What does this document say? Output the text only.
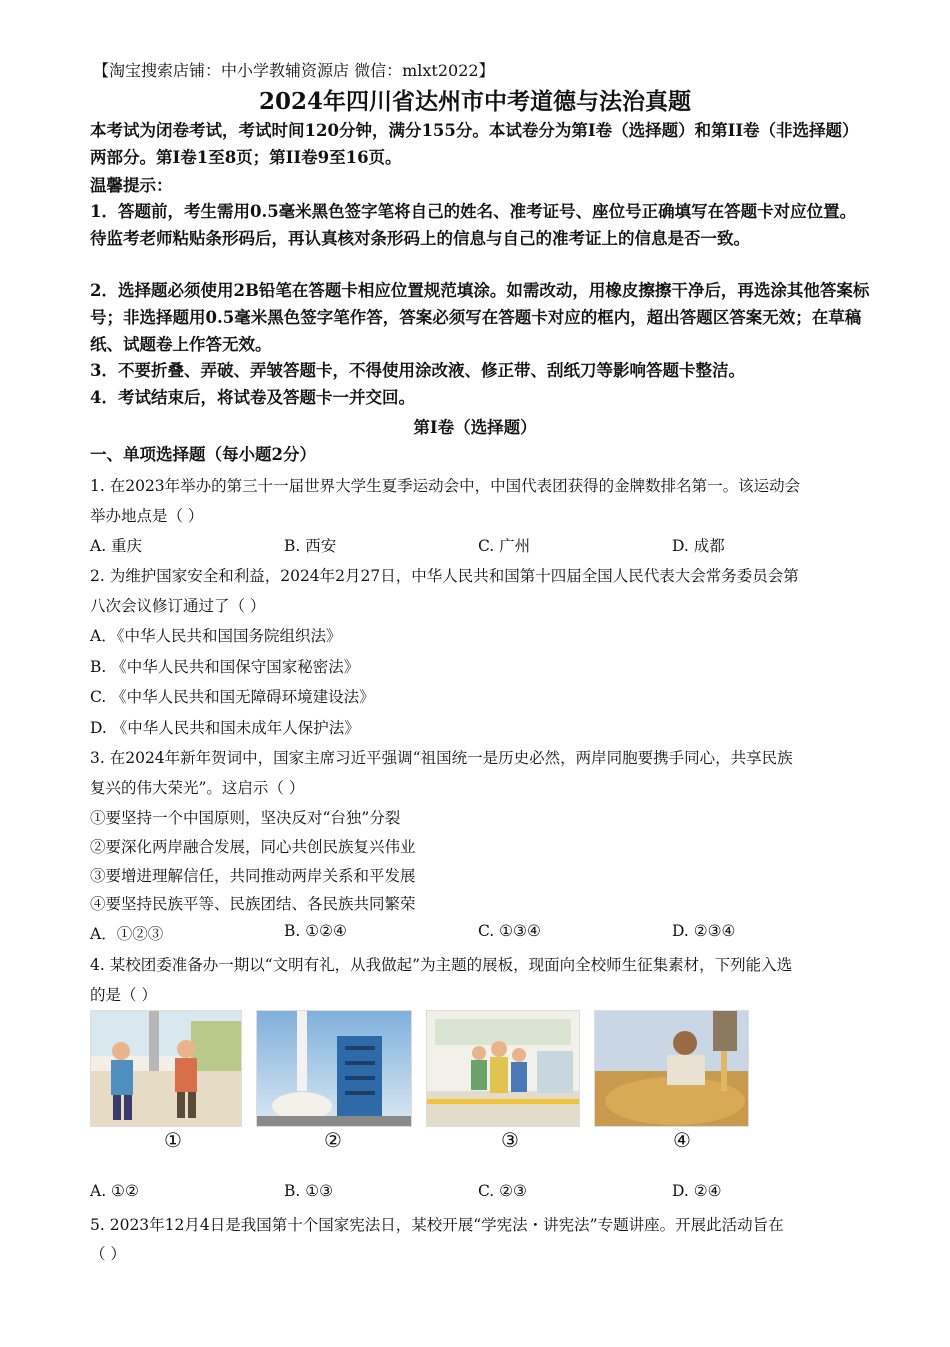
【淘宝搜索店铺：中小学教辅资源店 微信：mlxt2022】
2024年四川省达州市中考道德与法治真题
本考试为闭卷考试，考试时间120分钟，满分155分。本试卷分为第I卷（选择题）和第II卷（非选择题）两部分。第I卷1至8页；第II卷9至16页。
温馨提示：
1．答题前，考生需用0.5毫米黑色签字笔将自己的姓名、准考证号、座位号正确填写在答题卡对应位置。待监考老师粘贴条形码后，再认真核对条形码上的信息与自己的准考证上的信息是否一致。
2．选择题必须使用2B铅笔在答题卡相应位置规范填涂。如需改动，用橡皮擦擦干净后，再选涂其他答案标号；非选择题用0.5毫米黑色签字笔作答，答案必须写在答题卡对应的框内，超出答题区答案无效；在草稿纸、试题卷上作答无效。
3．不要折叠、弄破、弄皱答题卡，不得使用涂改液、修正带、刮纸刀等影响答题卡整洁。
4．考试结束后，将试卷及答题卡一并交回。
第Ⅰ卷（选择题）
一、单项选择题（每小题2分）
1. 在2023年举办的第三十一届世界大学生夏季运动会中，中国代表团获得的金牌数排名第一。该运动会
举办地点是（ ）
A. 重庆	B. 西安	C. 广州	D. 成都
2. 为维护国家安全和利益，2024年2月27日，中华人民共和国第十四届全国人民代表大会常务委员会第
八次会议修订通过了（ ）
A．《中华人民共和国国务院组织法》
B. 《中华人民共和国保守国家秘密法》
C. 《中华人民共和国无障碍环境建设法》
D. 《中华人民共和国未成年人保护法》
3. 在2024年新年贺词中，国家主席习近平强调“祖国统一是历史必然，两岸同胞要携手同心，共享民族
复兴的伟大荣光”。这启示（ ）
①要坚持一个中国原则，坚决反对“台独”分裂
②要深化两岸融合发展，同心共创民族复兴伟业
③要增进理解信任，共同推动两岸关系和平发展
④要坚持民族平等、民族团结、各民族共同繁荣
A．①②③	B. ①②④	C. ①③④	D. ②③④
4. 某校团委准备办一期以“文明有礼，从我做起”为主题的展板，现面向全校师生征集素材，下列能入选
的是（ ）
①	②	③	④
A. ①②	B. ①③	C. ②③	D. ②④
5. 2023年12月4日是我国第十个国家宪法日，某校开展“学宪法・讲宪法”专题讲座。开展此活动旨在
（ ）
